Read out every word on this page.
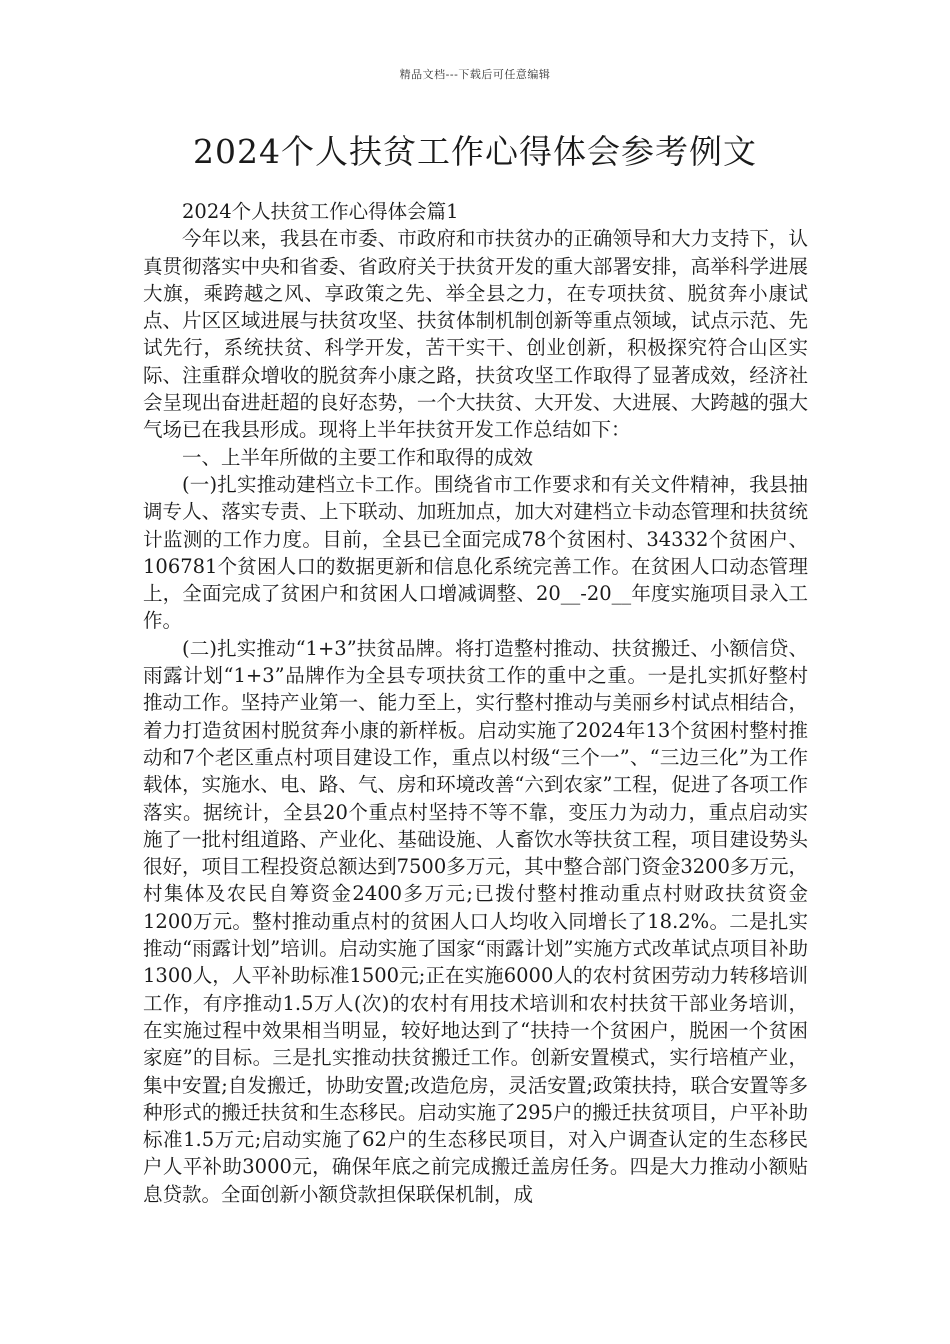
精品文档---下载后可任意编辑
2024个人扶贫工作心得体会参考例文

2024个人扶贫工作心得体会篇1

今年以来，我县在市委、市政府和市扶贫办的正确领导和大力支持下，认真贯彻落实中央和省委、省政府关于扶贫开发的重大部署安排，高举科学进展大旗，乘跨越之风、享政策之先、举全县之力，在专项扶贫、脱贫奔小康试点、片区区域进展与扶贫攻坚、扶贫体制机制创新等重点领域，试点示范、先试先行，系统扶贫、科学开发，苦干实干、创业创新，积极探究符合山区实际、注重群众增收的脱贫奔小康之路，扶贫攻坚工作取得了显著成效，经济社会呈现出奋进赶超的良好态势，一个大扶贫、大开发、大进展、大跨越的强大气场已在我县形成。现将上半年扶贫开发工作总结如下：

一、上半年所做的主要工作和取得的成效

(一)扎实推动建档立卡工作。围绕省市工作要求和有关文件精神，我县抽调专人、落实专责、上下联动、加班加点，加大对建档立卡动态管理和扶贫统计监测的工作力度。目前，全县已全面完成78个贫困村、34332个贫困户、106781个贫困人口的数据更新和信息化系统完善工作。在贫困人口动态管理上，全面完成了贫困户和贫困人口增减调整、20__-20__年度实施项目录入工作。

(二)扎实推动“1+3”扶贫品牌。将打造整村推动、扶贫搬迁、小额信贷、雨露计划“1+3”品牌作为全县专项扶贫工作的重中之重。一是扎实抓好整村推动工作。坚持产业第一、能力至上，实行整村推动与美丽乡村试点相结合，着力打造贫困村脱贫奔小康的新样板。启动实施了2024年13个贫困村整村推动和7个老区重点村项目建设工作，重点以村级“三个一”、“三边三化”为工作载体，实施水、电、路、气、房和环境改善“六到农家”工程，促进了各项工作落实。据统计，全县20个重点村坚持不等不靠，变压力为动力，重点启动实施了一批村组道路、产业化、基础设施、人畜饮水等扶贫工程，项目建设势头很好，项目工程投资总额达到7500多万元，其中整合部门资金3200多万元，村集体及农民自筹资金2400多万元;已拨付整村推动重点村财政扶贫资金1200万元。整村推动重点村的贫困人口人均收入同增长了18.2%。二是扎实推动“雨露计划”培训。启动实施了国家“雨露计划”实施方式改革试点项目补助1300人，人平补助标准1500元;正在实施6000人的农村贫困劳动力转移培训工作，有序推动1.5万人(次)的农村有用技术培训和农村扶贫干部业务培训，在实施过程中效果相当明显，较好地达到了“扶持一个贫困户，脱困一个贫困家庭”的目标。三是扎实推动扶贫搬迁工作。创新安置模式，实行培植产业，集中安置;自发搬迁，协助安置;改造危房，灵活安置;政策扶持，联合安置等多种形式的搬迁扶贫和生态移民。启动实施了295户的搬迁扶贫项目，户平补助标准1.5万元;启动实施了62户的生态移民项目，对入户调查认定的生态移民户人平补助3000元，确保年底之前完成搬迁盖房任务。四是大力推动小额贴息贷款。全面创新小额贷款担保联保机制，成
